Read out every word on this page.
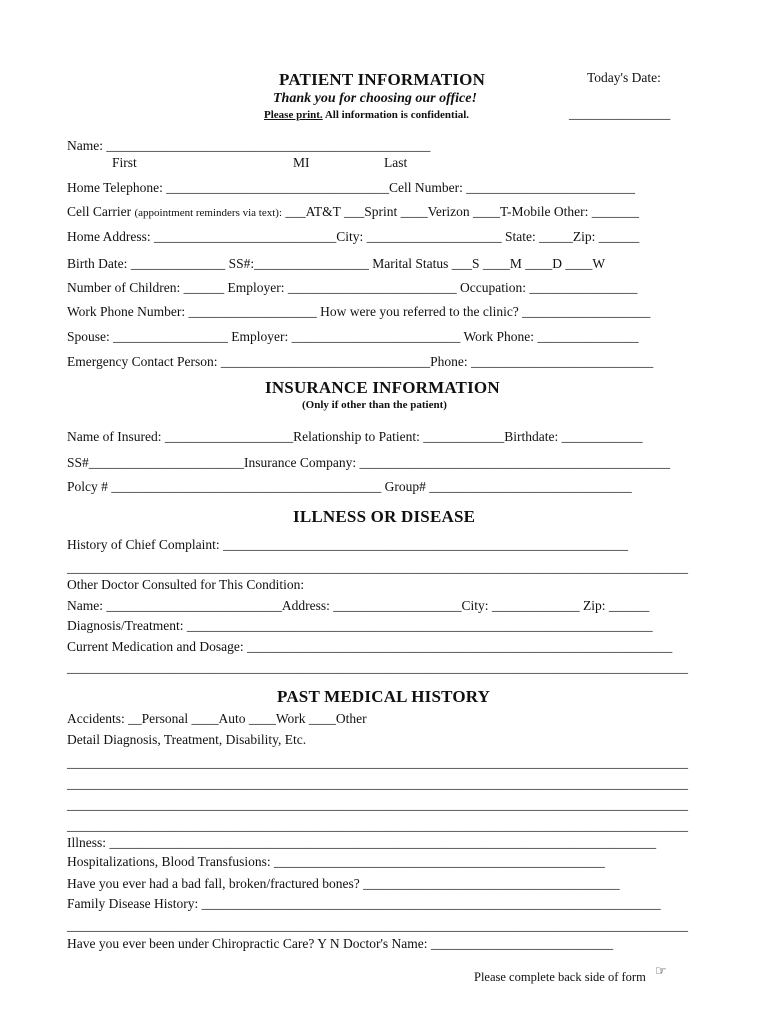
PATIENT INFORMATION	Today's Date:
_______________
Thank you for choosing our office!
Please print. All information is confidential.
Name: ________________________________________________
First	MI	Last
Home Telephone: _________________________________Cell Number: _________________________
Cell Carrier (appointment reminders via text): ___AT&T ___Sprint ____Verizon ____T-Mobile Other: _______
Home Address: ___________________________City: ____________________ State: _____Zip: ______
Birth Date: ______________ SS#:_________________ Marital Status ___S ____M ____D ____W
Number of Children: ______ Employer: _________________________ Occupation: ________________
Work Phone Number: ___________________ How were you referred to the clinic? ___________________
Spouse: _________________ Employer: _________________________ Work Phone: _______________
Emergency Contact Person: _______________________________Phone: ___________________________
INSURANCE INFORMATION
(Only if other than the patient)
Name of Insured: ___________________Relationship to Patient: ____________Birthdate: ____________
SS#_______________________Insurance Company: ______________________________________________
Polcy # ________________________________________ Group# ______________________________
ILLNESS OR DISEASE
History of Chief Complaint: ____________________________________________________________
____________________________________________________________________________________________
Other Doctor Consulted for This Condition:
Name: __________________________Address: ___________________City: _____________ Zip: ______
Diagnosis/Treatment: _____________________________________________________________________
Current Medication and Dosage: _______________________________________________________________
____________________________________________________________________________________________
PAST MEDICAL HISTORY
Accidents: __Personal ____Auto ____Work ____Other
Detail Diagnosis, Treatment, Disability, Etc.
____________________________________________________________________________________________
____________________________________________________________________________________________
____________________________________________________________________________________________
____________________________________________________________________________________________
Illness: _________________________________________________________________________________
Hospitalizations, Blood Transfusions: _________________________________________________
Have you ever had a bad fall, broken/fractured bones? ______________________________________
Family Disease History: ____________________________________________________________________
____________________________________________________________________________________________
Have you ever been under Chiropractic Care? Y N Doctor's Name: ___________________________
Please complete back side of form ☞
